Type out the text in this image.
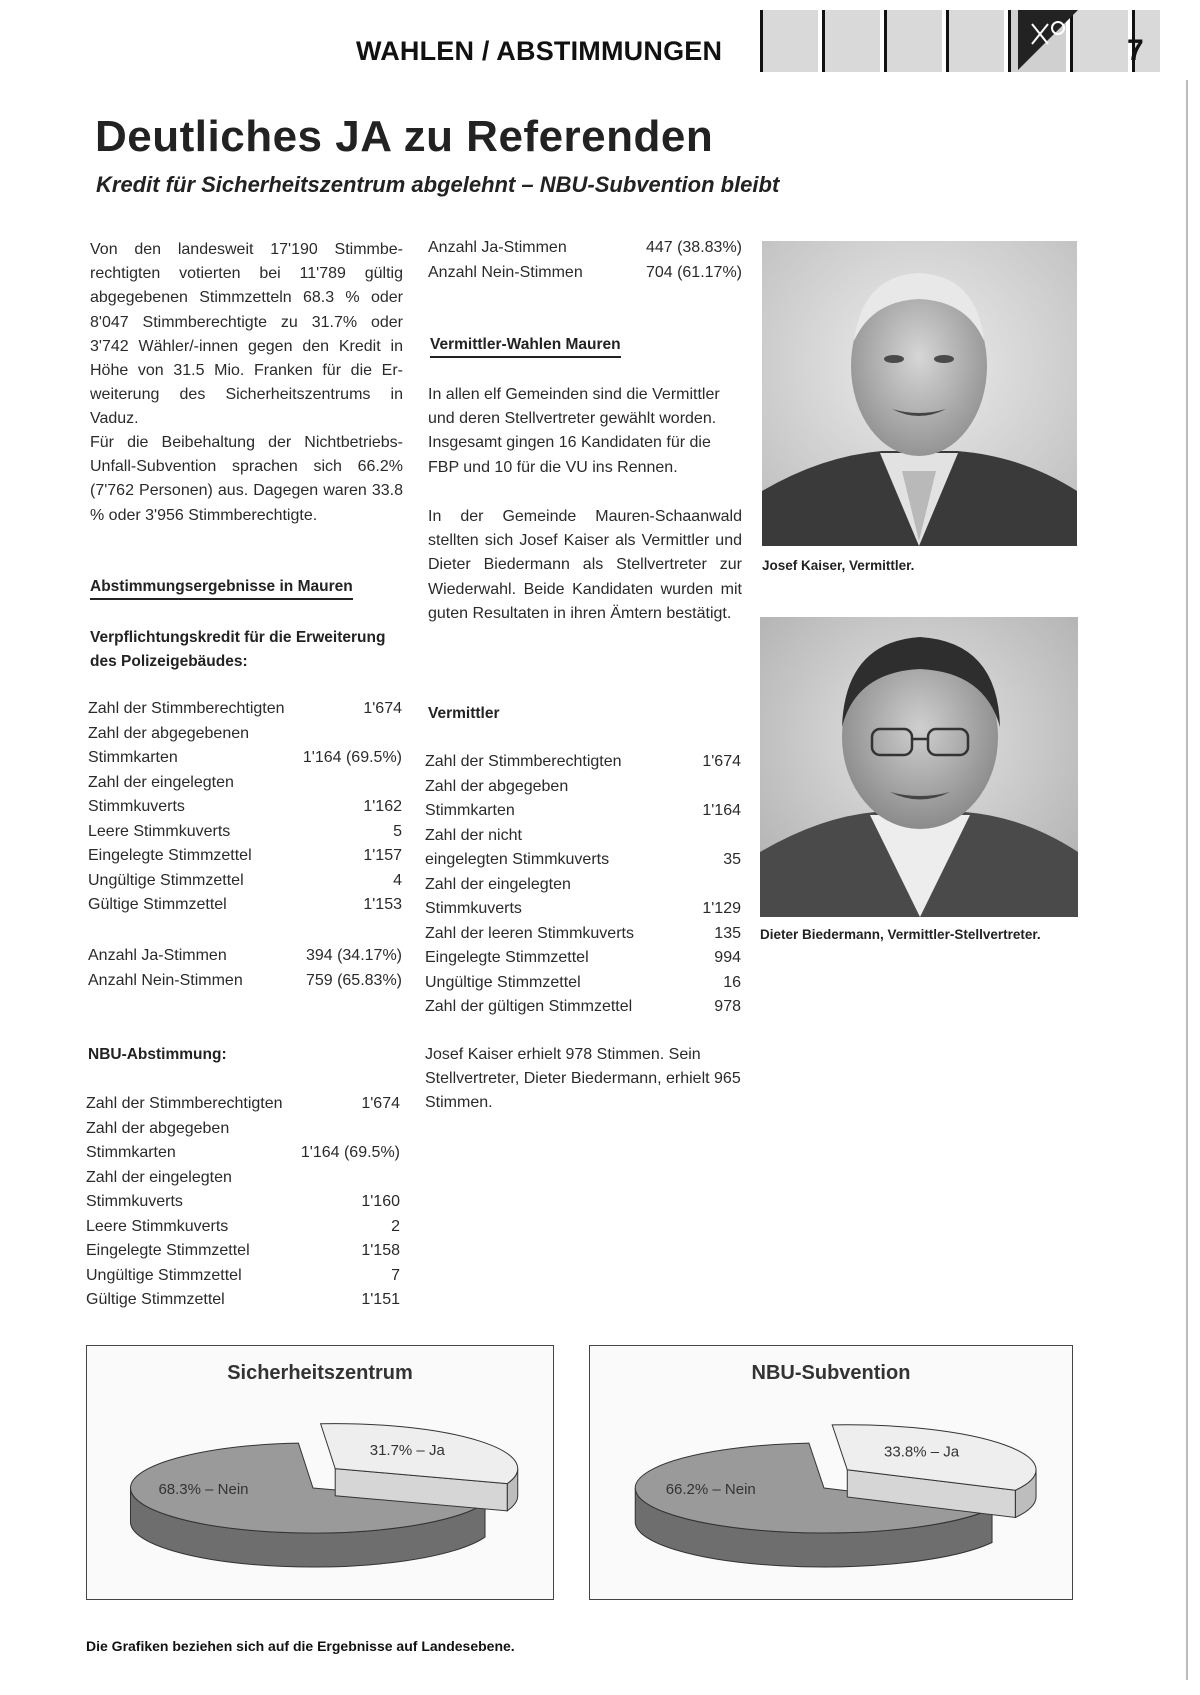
WAHLEN / ABSTIMMUNGEN	7
Deutliches JA zu Referenden
Kredit für Sicherheitszentrum abgelehnt – NBU-Subvention bleibt

Von den landesweit 17'190 Stimmberechtigten votierten bei 11'789 gültig abgegebenen Stimmzetteln 68.3 % oder 8'047 Stimmberechtigte zu 31.7% oder 3'742 Wähler/-innen gegen den Kredit in Höhe von 31.5 Mio. Franken für die Erweiterung des Sicherheitszentrums in Vaduz.

Für die Beibehaltung der Nichtbetriebs-Unfall-Subvention sprachen sich 66.2% (7'762 Personen) aus. Dagegen waren 33.8 % oder 3'956 Stimmberechtigte.

Abstimmungsergebnisse in Mauren
Verpflichtungskredit für die Erweiterung des Polizeigebäudes:
Zahl der Stimmberechtigten	1'674
Zahl der abgegebenen
Stimmkarten	1'164 (69.5%)
Zahl der eingelegten
Stimmkuverts	1'162
Leere Stimmkuverts	5
Eingelegte Stimmzettel	1'157
Ungültige Stimmzettel	4
Gültige Stimmzettel	1'153
Anzahl Ja-Stimmen	394 (34.17%)
Anzahl Nein-Stimmen	759 (65.83%)
NBU-Abstimmung:
Zahl der Stimmberechtigten	1'674
Zahl der abgegeben
Stimmkarten	1'164 (69.5%)
Zahl der eingelegten
Stimmkuverts	1'160
Leere Stimmkuverts	2
Eingelegte Stimmzettel	1'158
Ungültige Stimmzettel	7
Gültige Stimmzettel	1'151
Anzahl Ja-Stimmen	447 (38.83%)
Anzahl Nein-Stimmen	704 (61.17%)
Vermittler-Wahlen Mauren

In allen elf Gemeinden sind die Vermittler und deren Stellvertreter gewählt worden. Insgesamt gingen 16 Kandidaten für die FBP und 10 für die VU ins Rennen.

In der Gemeinde Mauren-Schaanwald stellten sich Josef Kaiser als Vermittler und Dieter Biedermann als Stellvertreter zur Wiederwahl. Beide Kandidaten wurden mit guten Resultaten in ihren Ämtern bestätigt.

Vermittler
Zahl der Stimmberechtigten	1'674
Zahl der abgegeben
Stimmkarten	1'164
Zahl der nicht
eingelegten Stimmkuverts	35
Zahl der eingelegten
Stimmkuverts	1'129
Zahl der leeren Stimmkuverts	135
Eingelegte Stimmzettel	994
Ungültige Stimmzettel	16
Zahl der gültigen Stimmzettel	978

Josef Kaiser erhielt 978 Stimmen. Sein Stellvertreter, Dieter Biedermann, erhielt 965 Stimmen.

Josef Kaiser, Vermittler.
Dieter Biedermann, Vermittler-Stellvertreter.
Sicherheitszentrum
68.3% – Nein
31.7% – Ja
NBU-Subvention
66.2% – Nein
33.8% – Ja
Die Grafiken beziehen sich auf die Ergebnisse auf Landesebene.
